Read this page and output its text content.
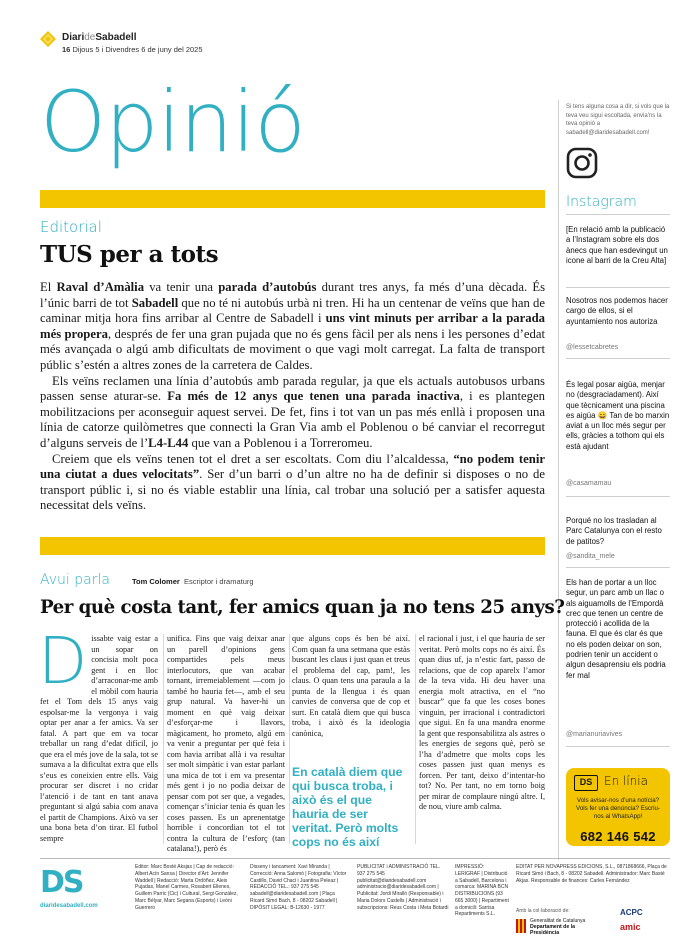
DiarideSabadell
16 Dijous 5 i Divendres 6 de juny del 2025
Opinió	Si tens alguna cosa a dir, si vols que la teva veu sigui escoltada, envia'ns la teva opinió a sabadell@diaridesabadell.com!
Instagram
[En relació amb la publicació a l’Instagram sobre els dos ànecs que han esdevingut un icone al barri de la Creu Alta]
Nosotros nos podemos hacer cargo de ellos, si el ayuntamiento nos autoriza
@lessetcabretes
És legal posar aigüa, menjar no (desgraciadament). Així que tècnicament una piscina es aigüa 😄 Tan de bo marxin aviat a un lloc més segur per ells, gràcies a tothom qui els està ajudant
@casamamau
Porqué no los trasladan al Parc Catalunya con el resto de patitos?
@sandita_mele
Els han de portar a un lloc segur, un parc amb un llac o als aiguamolls de l’Empordà crec que tenen un centre de protecció i acollida de la fauna. El que és clar és que no els poden deixar on son, podrien tenir un accident o algun desaprensiu els podria fer mal
@marianuriavives
Editorial
TUS per a tots

El Raval d’Amàlia va tenir una parada d’autobús durant tres anys, fa més d’una dècada. És l’únic barri de tot Sabadell que no té ni autobús urbà ni tren. Hi ha un centenar de veïns que han de caminar mitja hora fins arribar al Centre de Sabadell i uns vint minuts per arribar a la parada més propera, després de fer una gran pujada que no és gens fàcil per als nens i les persones d’edat més avançada o algú amb dificultats de moviment o que vagi molt carregat. La falta de transport públic s’estén a altres zones de la carretera de Caldes.

Els veïns reclamen una línia d’autobús amb parada regular, ja que els actuals autobusos urbans passen sense aturar-se. Fa més de 12 anys que tenen una parada inactiva, i es plantegen mobilitzacions per aconseguir aquest servei. De fet, fins i tot van un pas més enllà i proposen una línia de catorze quilòmetres que connecti la Gran Via amb el Poblenou o bé canviar el recorregut d’alguns serveis de l’L4-L44 que van a Poblenou i a Torreromeu.

Creiem que els veïns tenen tot el dret a ser escoltats. Com diu l’alcaldessa, “no podem tenir una ciutat a dues velocitats”. Ser d’un barri o d’un altre no ha de definir si disposes o no de transport públic i, si no és viable establir una línia, cal trobar una solució per a satisfer aquesta necessitat dels veïns.

Avui parla	Tom Colomer Escriptor i dramaturg
Per què costa tant, fer amics quan ja no tens 25 anys?
Dissabte vaig estar a un sopar on concisia molt poca gent i en lloc d’arraconar-me amb el mòbil com hauria fet el Tom dels 15 anys vaig espolsar-me la vergonya i vaig optar per anar a fer amics. Va ser fatal. A part que em va tocar treballar un rang d’edat difícil, jo que era el més jove de la sala, tot se sumava a la dificultat extra que ells s’eus es coneixien entre ells. Vaig procurar ser discret i no cridar l’atenció i de tant en tant anava preguntant si algú sabia com anava el partit de Champions. Això va ser una bona beta d’on tirar. El futbol sempre
unifica. Fins que vaig deixar anar un parell d’opinions gens compartides pels meus interlocutors, que van acabar tornant, irremeiablement —com jo també ho hauria fet—, amb el seu grup natural. Va haver-hi un moment en què vaig deixar d’esforçar-me i llavors, màgicament, ho prometo, algú em va venir a preguntar per què feia i com havia arribat allà i va resultar ser molt simpàtic i van estar parlant una mica de tot i em va presentar més gent i jo no podia deixar de pensar com pot ser que, a vegades, començar s’iniciar tenia és quan les coses passen. Es un aprenentatge horrible i concordian tot el tot contra la cultura de l’esforç (tan catalana!), però és
que alguns cops és ben bé així. Com quan fa una setmana que estàs buscant les claus i just quan et treus el problema del cap, pam!, les claus. O quan tens una paraula a la punta de la llengua i és quan canvies de conversa que de cop et surt. En català diem que qui busca troba, i això és la ideologia canònica,
En català diem que qui busca troba, i això és el que hauria de ser veritat. Però molts cops no és així
el racional i just, i el que hauria de ser veritat. Però molts cops no és així. És quan dius uf, ja n’estic fart, passo de relacions, que de cop aparelx l’amor de la teva vida. Hi deu haver una energia molt atractiva, en el “no buscar” que fa que les coses bones vinguin, per irracional i contradictori que sigui. En fa una mandra enorme la gent que responsabilitza als astres o les energies de segons què, però se l’ha d’admetre que molts cops les coses passen just quan menys es forcen. Per tant, deixo d’intentar-ho tot? No. Per tant, no em torno boig per mirar de complaure ningú altre. I, de nou, viure amb calma.
DS En línia
Vols avisar-nos d’una notícia? Vols fer una denúncia? Escriu-nos al WhatsApp!
682 146 542
DS
diaridesabadell.com
Editor: Marc Bosté Aksjas | Cap de redacció: Albert Acín Sansa | Director d’Art: Jennifer Waddell | Redacció: Marta Ordóñez, Aleix Pujadas, Manel Carmes, Rosabert Ellenes, Guillem Parric (Cic) i Cultural, Sergi González, Marc Bélyar, Marc Segana (Esports) i Leóni Guerrero
Disseny i tancament: Xavi Miranda | Correcció: Anna Salomó | Fotografia: Víctor Castillo, David Chaci i Juantina Peleaz | REDACCIÓ TEL.: 937 275 545 sabadell@diaridesabadell.com | Plaça Ricard Simó Bach, 8 - 08202 Sabadell | DIPÒSIT LEGAL: B-12630 - 1977
PUBLICITAT i ADMINISTRACIÓ TEL. 937 275 545 publicitat@diaridesabadell.com administracio@diaridesabadell.com | Publicitat: Jordi Miralló (Responsable) i Maria Dolors Castells | Administració i subscripcions: Reus Costa i Meta Botardi
IMPRESSIÓ: LERIGRAF | Distribució a Sabadell, Barcelona i comarca: MARINA BCN DISTRIBUCIONS (93 665 3000) | Repartiment a domicili: Sarrisa Repartiments S.L.
EDITAT PER NOVAPRESS EDICIONS, S.L., 0871868666, Plaça de Ricard Simó i Bach, 8 - 08202 Sabadell. Administrador: Marc Basté Akjas. Responsable de finances: Carles Fernández
Amb la col·laboració de:
Generalitat de Catalunya
Departament de la Presidència
ACPC
amic
